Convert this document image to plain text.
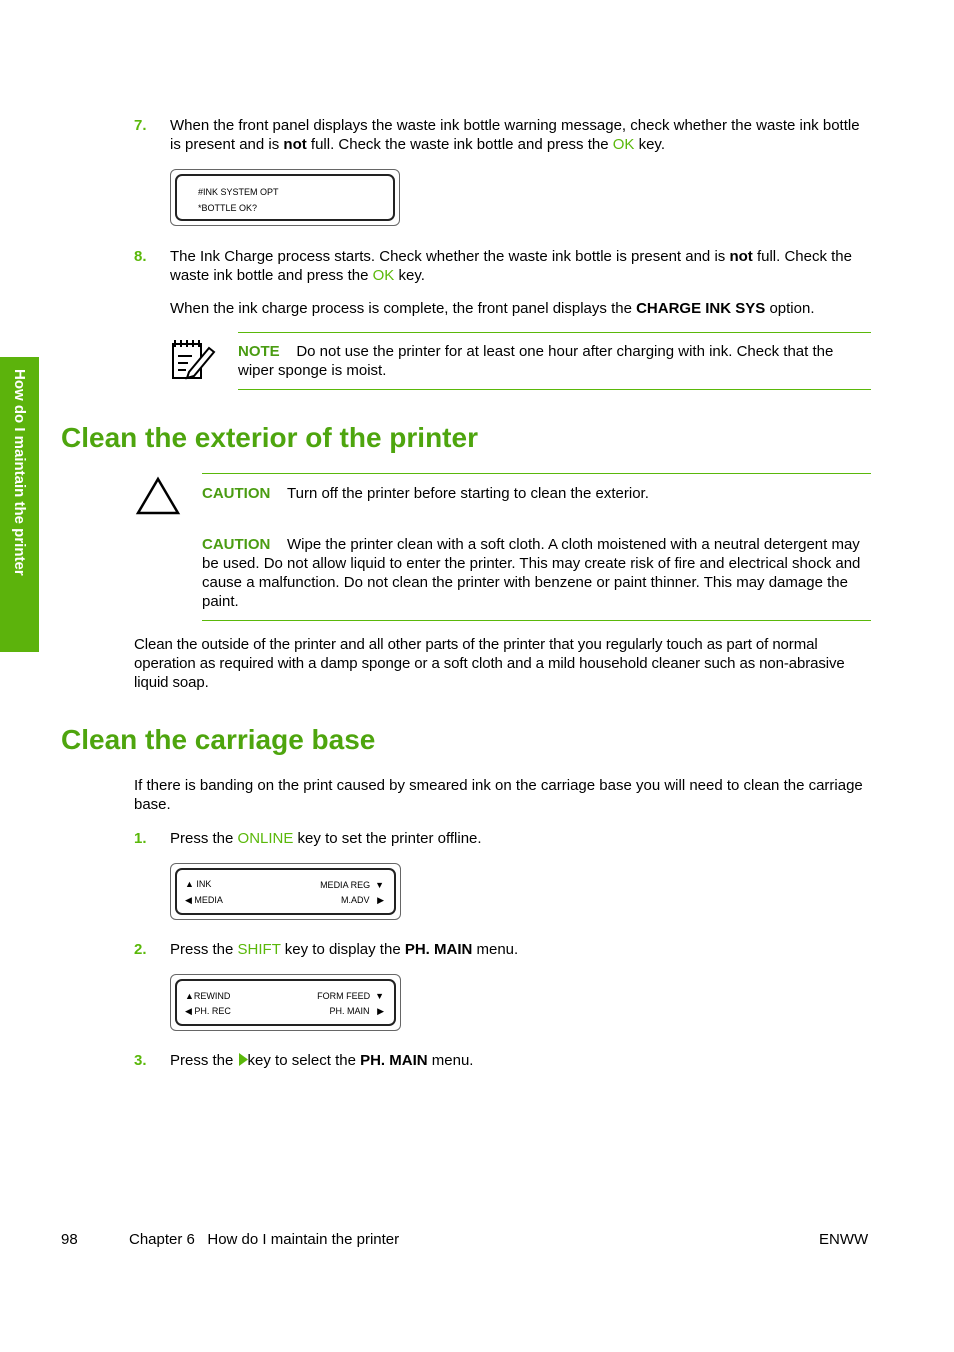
How do I maintain the printer
7. When the front panel displays the waste ink bottle warning message, check whether the waste ink bottle is present and is not full. Check the waste ink bottle and press the OK key.
#INK SYSTEM OPT
*BOTTLE OK?
8. The Ink Charge process starts. Check whether the waste ink bottle is present and is not full. Check the waste ink bottle and press the OK key.
When the ink charge process is complete, the front panel displays the CHARGE INK SYS option.
NOTE Do not use the printer for at least one hour after charging with ink. Check that the wiper sponge is moist.
Clean the exterior of the printer
CAUTION Turn off the printer before starting to clean the exterior.
CAUTION Wipe the printer clean with a soft cloth. A cloth moistened with a neutral detergent may be used. Do not allow liquid to enter the printer. This may create risk of fire and electrical shock and cause a malfunction. Do not clean the printer with benzene or paint thinner. This may damage the paint.
Clean the outside of the printer and all other parts of the printer that you regularly touch as part of normal operation as required with a damp sponge or a soft cloth and a mild household cleaner such as non-abrasive liquid soap.
Clean the carriage base
If there is banding on the print caused by smeared ink on the carriage base you will need to clean the carriage base.
1. Press the ONLINE key to set the printer offline.
▲ INK
◀ MEDIA
MEDIA REG  ▼
M.ADV   ▶
2. Press the SHIFT key to display the PH. MAIN menu.
▲REWIND
◀ PH. REC
FORM FEED  ▼
PH. MAIN   ▶
3. Press the key to select the PH. MAIN menu.
98	Chapter 6   How do I maintain the printer	ENWW
